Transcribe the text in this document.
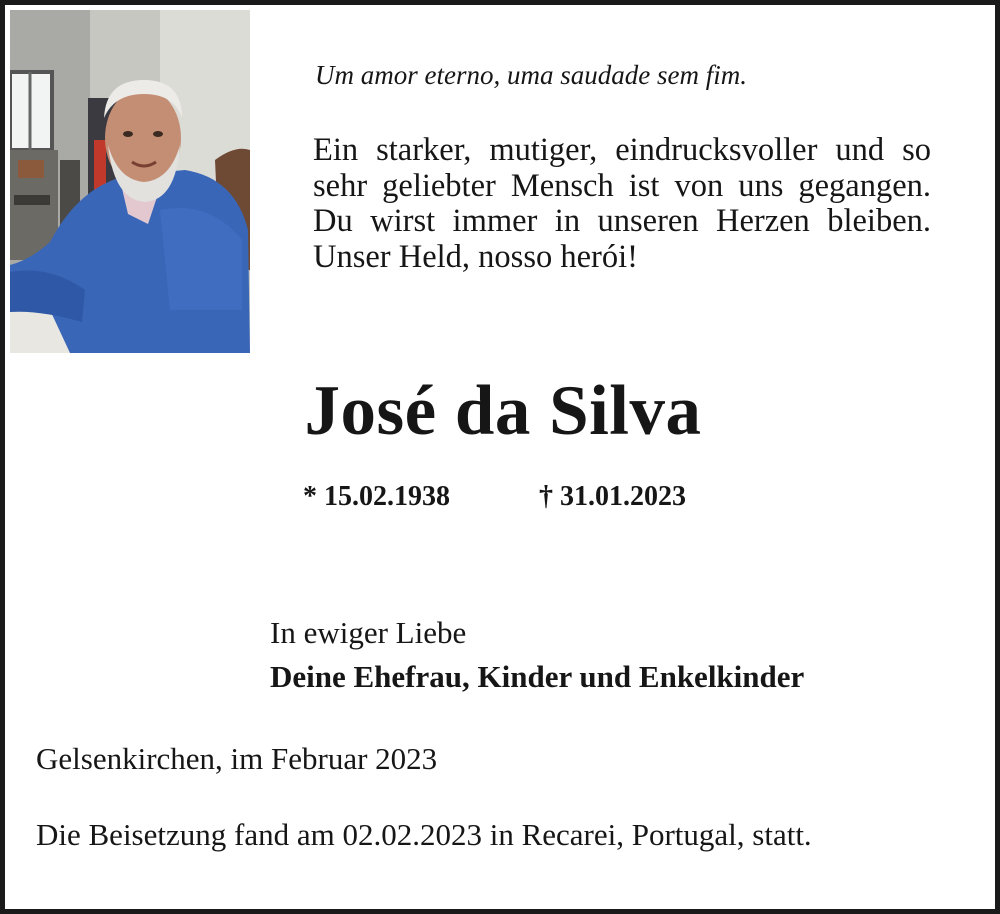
Um amor eterno, uma saudade sem fim.
Ein starker, mutiger, eindrucksvoller und so sehr geliebter Mensch ist von uns gegangen. Du wirst immer in unseren Herzen bleiben. Unser Held, nosso herói!
José da Silva
* 15.02.1938	† 31.01.2023
In ewiger Liebe
Deine Ehefrau, Kinder und Enkelkinder
Gelsenkirchen, im Februar 2023
Die Beisetzung fand am 02.02.2023 in Recarei, Portugal, statt.
